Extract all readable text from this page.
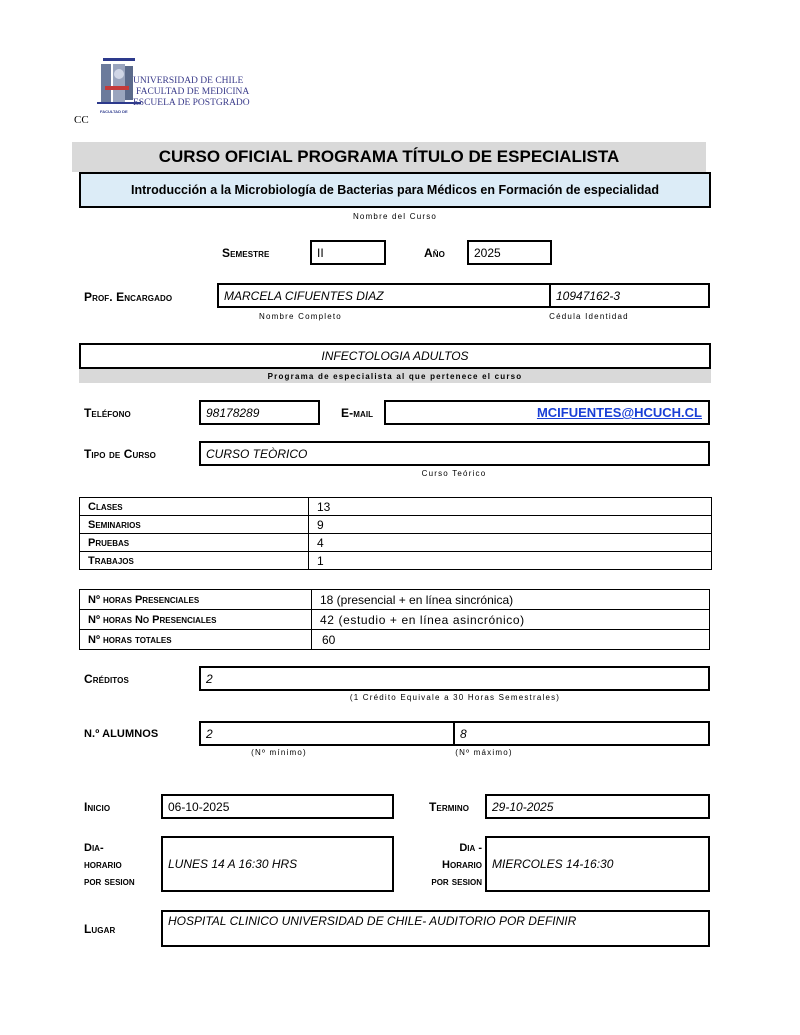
FACULTAD DE
UNIVERSIDAD DE CHILE
FACULTAD DE MEDICINA
ESCUELA DE POSTGRADO
CC
CURSO OFICIAL PROGRAMA TÍTULO DE ESPECIALISTA
Introducción a la Microbiología de Bacterias para Médicos en Formación de especialidad
Nombre del Curso
Semestre	II	Año	2025
Prof. Encargado	MARCELA CIFUENTES DIAZ	10947162-3
Nombre Completo	Cédula Identidad
INFECTOLOGIA ADULTOS
Programa de especialista al que pertenece el curso
Teléfono	98178289	E-mail	MCIFUENTES@HCUCH.CL
Tipo de Curso	CURSO TEÒRICO
Curso Teórico
Clases	13
Seminarios	9
Pruebas	4
Trabajos	1
Nº horas Presenciales	18 (presencial + en línea sincrónica)
Nº horas No Presenciales	42 (estudio + en línea asincrónico)
Nº horas totales	60
Créditos	2
(1 Crédito Equivale a 30 Horas Semestrales)
N.º ALUMNOS	2	8
(Nº mínimo)	(Nº máximo)
Inicio	06-10-2025	Termino	29-10-2025
Dia-
horario
por sesion
LUNES 14 A 16:30 HRS
Dia -
Horario
por sesion
MIERCOLES 14-16:30
Lugar
HOSPITAL CLINICO UNIVERSIDAD DE CHILE- AUDITORIO POR DEFINIR
